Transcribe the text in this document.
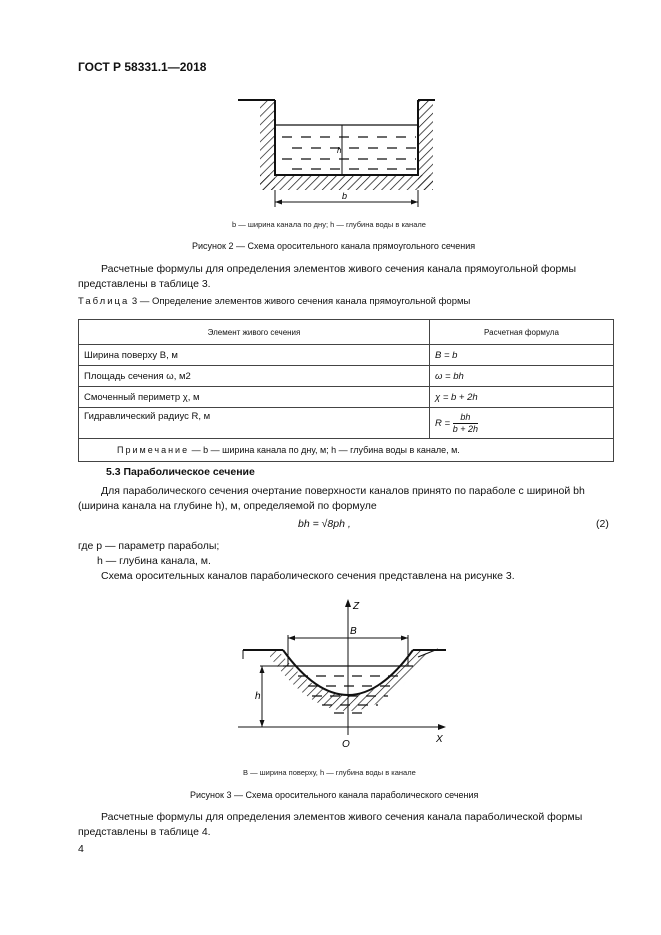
ГОСТ Р 58331.1—2018
h
b
b — ширина канала по дну; h — глубина воды в канале
Рисунок 2 — Схема оросительного канала прямоугольного сечения
Расчетные формулы для определения элементов живого сечения канала прямоугольной формы представлены в таблице 3.
Таблица 3 — Определение элементов живого сечения канала прямоугольной формы
Элемент живого сечения	Расчетная формула
Ширина поверху B, м	B = b
Площадь сечения ω, м2	ω = bh
Смоченный периметр χ, м	χ = b + 2h
Гидравлический радиус R, м	$R = \frac{bh}{b + 2h}$

Примечание — b — ширина канала по дну, м; h — глубина воды в канале, м.	
5.3 Параболическое сечение
Для параболического сечения очертание поверхности каналов принято по параболе с шириной bh (ширина канала на глубине h), м, определяемой по формуле
bh = √8ph ,	(2)
где p — параметр параболы;
h — глубина канала, м.
Схема оросительных каналов параболического сечения представлена на рисунке 3.
Z
X
O
B
h
B — ширина поверху, h — глубина воды в канале
Рисунок 3 — Схема оросительного канала параболического сечения
Расчетные формулы для определения элементов живого сечения канала параболической формы представлены в таблице 4.
4
